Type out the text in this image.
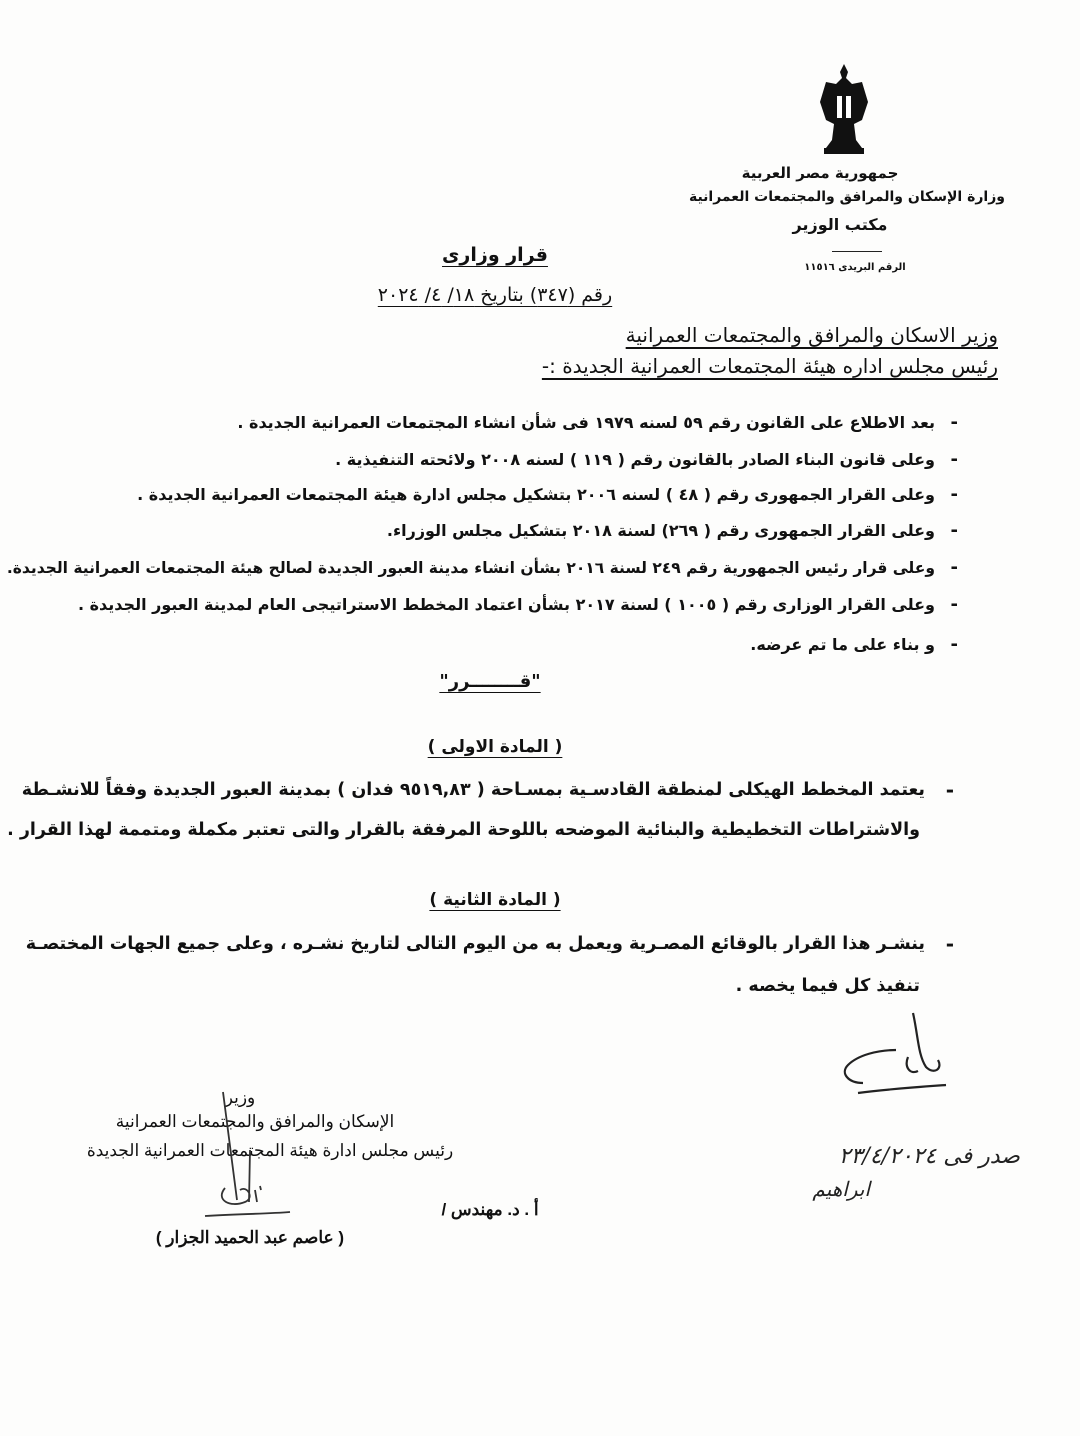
جمهورية مصر العربية
وزارة الإسكان والمرافق والمجتمعات العمرانية
مكتب الوزير
الرقم البريدى ١١٥١٦
قرار وزارى
رقم (٣٤٧) بتاريخ ١٨/ ٤/ ٢٠٢٤
وزير الاسكان والمرافق والمجتمعات العمرانية
رئيس مجلس اداره هيئة المجتمعات العمرانية الجديدة :-
-
بعد الاطلاع على القانون رقم ٥٩ لسنه ١٩٧٩ فى شأن انشاء المجتمعات العمرانية الجديدة .
-
وعلى قانون البناء الصادر بالقانون رقم ( ١١٩ ) لسنه ٢٠٠٨ ولائحته التنفيذية .
-
وعلى القرار الجمهورى رقم ( ٤٨ ) لسنه ٢٠٠٦ بتشكيل مجلس ادارة هيئة المجتمعات العمرانية الجديدة .
-
وعلى القرار الجمهورى رقم ( ٢٦٩) لسنة ٢٠١٨ بتشكيل مجلس الوزراء.
-
وعلى قرار رئيس الجمهورية رقم ٢٤٩ لسنة ٢٠١٦ بشأن انشاء مدينة العبور الجديدة لصالح هيئة المجتمعات العمرانية الجديدة.
-
وعلى القرار الوزارى رقم ( ١٠٠٥ ) لسنة ٢٠١٧ بشأن اعتماد المخطط الاستراتيجى العام لمدينة العبور الجديدة .
-
و بناء على ما تم عرضه.
"قــــــــرر"
( المادة الاولى )
-
يعتمد المخطط الهيكلى لمنطقة القادسـية بمسـاحة ( ٩٥١٩,٨٣ فدان ) بمدينة العبور الجديدة وفقاً للانشـطة
والاشتراطات التخطيطية والبنائية الموضحه باللوحة المرفقة بالقرار والتى تعتبر مكملة ومتممة لهذا القرار .
( المادة الثانية )
-
ينشـر هذا القرار بالوقائع المصـرية ويعمل به من اليوم التالى لتاريخ نشـره ، وعلى جميع الجهات المختصـة
تنفيذ كل فيما يخصه .
صدر فى ٢٣/٤/٢٠٢٤
ابراهيم
وزير
الإسكان والمرافق والمجتمعات العمرانية
رئيس مجلس ادارة هيئة المجتمعات العمرانية الجديدة
أ . د. مهندس /
( عاصم عبد الحميد الجزار )
